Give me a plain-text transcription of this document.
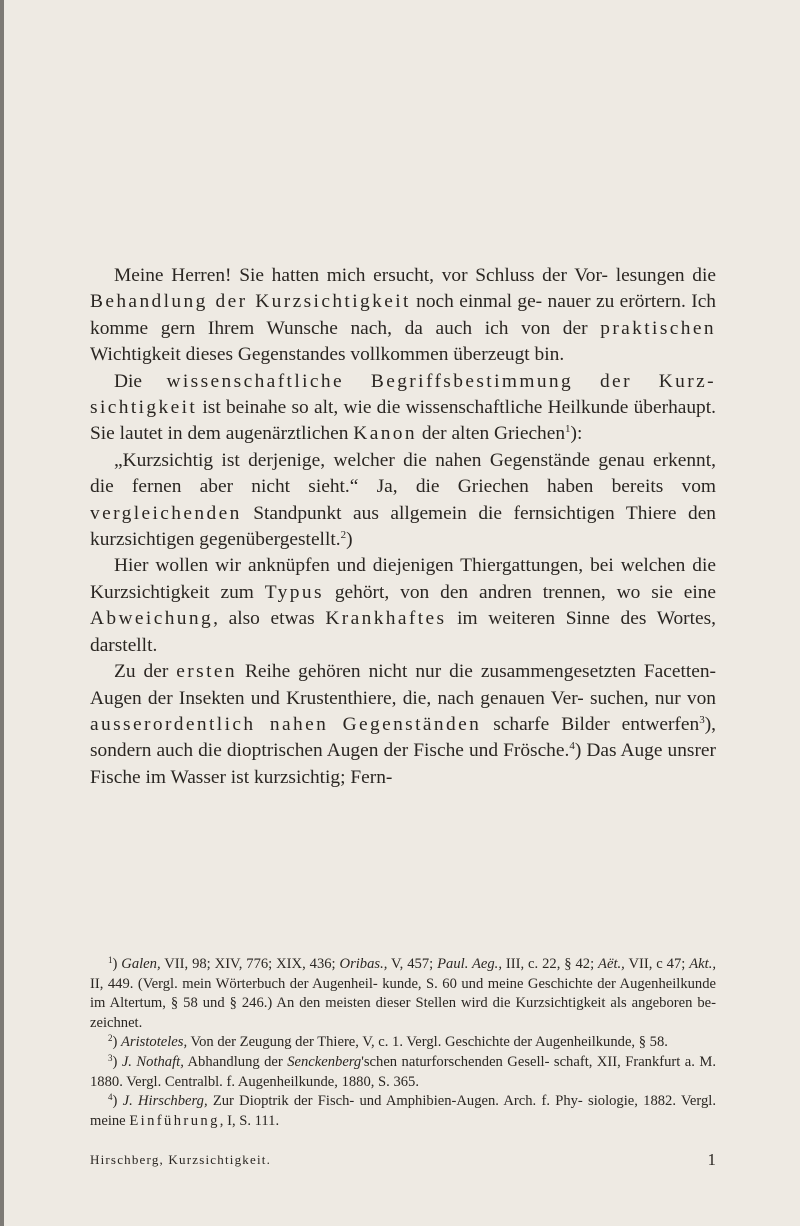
Meine Herren! Sie hatten mich ersucht, vor Schluss der Vor- lesungen die Behandlung der Kurzsichtigkeit noch einmal ge- nauer zu erörtern. Ich komme gern Ihrem Wunsche nach, da auch ich von der praktischen Wichtigkeit dieses Gegenstandes vollkommen überzeugt bin.

Die wissenschaftliche Begriffsbestimmung der Kurz- sichtigkeit ist beinahe so alt, wie die wissenschaftliche Heilkunde überhaupt. Sie lautet in dem augenärztlichen Kanon der alten Griechen$^1$):

„Kurzsichtig ist derjenige, welcher die nahen Gegenstände genau erkennt, die fernen aber nicht sieht.“ Ja, die Griechen haben bereits vom vergleichenden Standpunkt aus allgemein die fernsichtigen Thiere den kurzsichtigen gegenübergestellt.$^2$)

Hier wollen wir anknüpfen und diejenigen Thiergattungen, bei welchen die Kurzsichtigkeit zum Typus gehört, von den andren trennen, wo sie eine Abweichung, also etwas Krankhaftes im weiteren Sinne des Wortes, darstellt.

Zu der ersten Reihe gehören nicht nur die zusammengesetzten Facetten-Augen der Insekten und Krustenthiere, die, nach genauen Ver- suchen, nur von ausserordentlich nahen Gegenständen scharfe Bilder entwerfen$^3$), sondern auch die dioptrischen Augen der Fische und Frösche.$^4$) Das Auge unsrer Fische im Wasser ist kurzsichtig; Fern-

$^1$) Galen, VII, 98; XIV, 776; XIX, 436; Oribas., V, 457; Paul. Aeg., III, c. 22, § 42; Aët., VII, c 47; Akt., II, 449. (Vergl. mein Wörterbuch der Augenheil- kunde, S. 60 und meine Geschichte der Augenheilkunde im Altertum, § 58 und § 246.) An den meisten dieser Stellen wird die Kurzsichtigkeit als angeboren be- zeichnet.

$^2$) Aristoteles, Von der Zeugung der Thiere, V, c. 1. Vergl. Geschichte der Augenheilkunde, § 58.

$^3$) J. Nothaft, Abhandlung der Senckenberg'schen naturforschenden Gesell- schaft, XII, Frankfurt a. M. 1880. Vergl. Centralbl. f. Augenheilkunde, 1880, S. 365.

$^4$) J. Hirschberg, Zur Dioptrik der Fisch- und Amphibien-Augen. Arch. f. Phy- siologie, 1882. Vergl. meine Einführung, I, S. 111.

Hirschberg, Kurzsichtigkeit.	1
